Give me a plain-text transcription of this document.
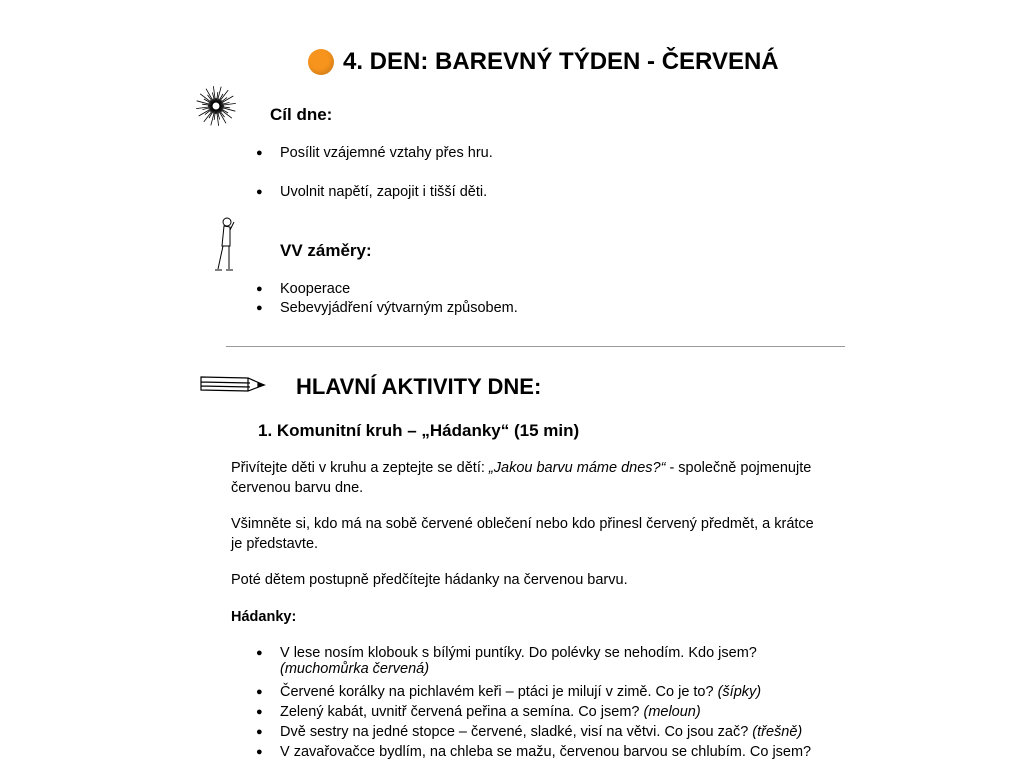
4. DEN: BAREVNÝ TÝDEN - ČERVENÁ
Cíl dne:
● Posílit vzájemné vztahy přes hru.
● Uvolnit napětí, zapojit i tišší děti.
VV záměry:
● Kooperace
● Sebevyjádření výtvarným způsobem.
HLAVNÍ AKTIVITY DNE:
1. Komunitní kruh – „Hádanky“ (15 min)
Přivítejte děti v kruhu a zeptejte se dětí: „Jakou barvu máme dnes?“ - společně pojmenujte
červenou barvu dne.
Všimněte si, kdo má na sobě červené oblečení nebo kdo přinesl červený předmět, a krátce
je představte.
Poté dětem postupně předčítejte hádanky na červenou barvu.
Hádanky:
● V lese nosím klobouk s bílými puntíky. Do polévky se nehodím. Kdo jsem?
(muchomůrka červená)
● Červené korálky na pichlavém keři – ptáci je milují v zimě. Co je to? (šípky)
● Zelený kabát, uvnitř červená peřina a semína. Co jsem? (meloun)
● Dvě sestry na jedné stopce – červené, sladké, visí na větvi. Co jsou zač? (třešně)
● V zavařovačce bydlím, na chleba se mažu, červenou barvou se chlubím. Co jsem?
